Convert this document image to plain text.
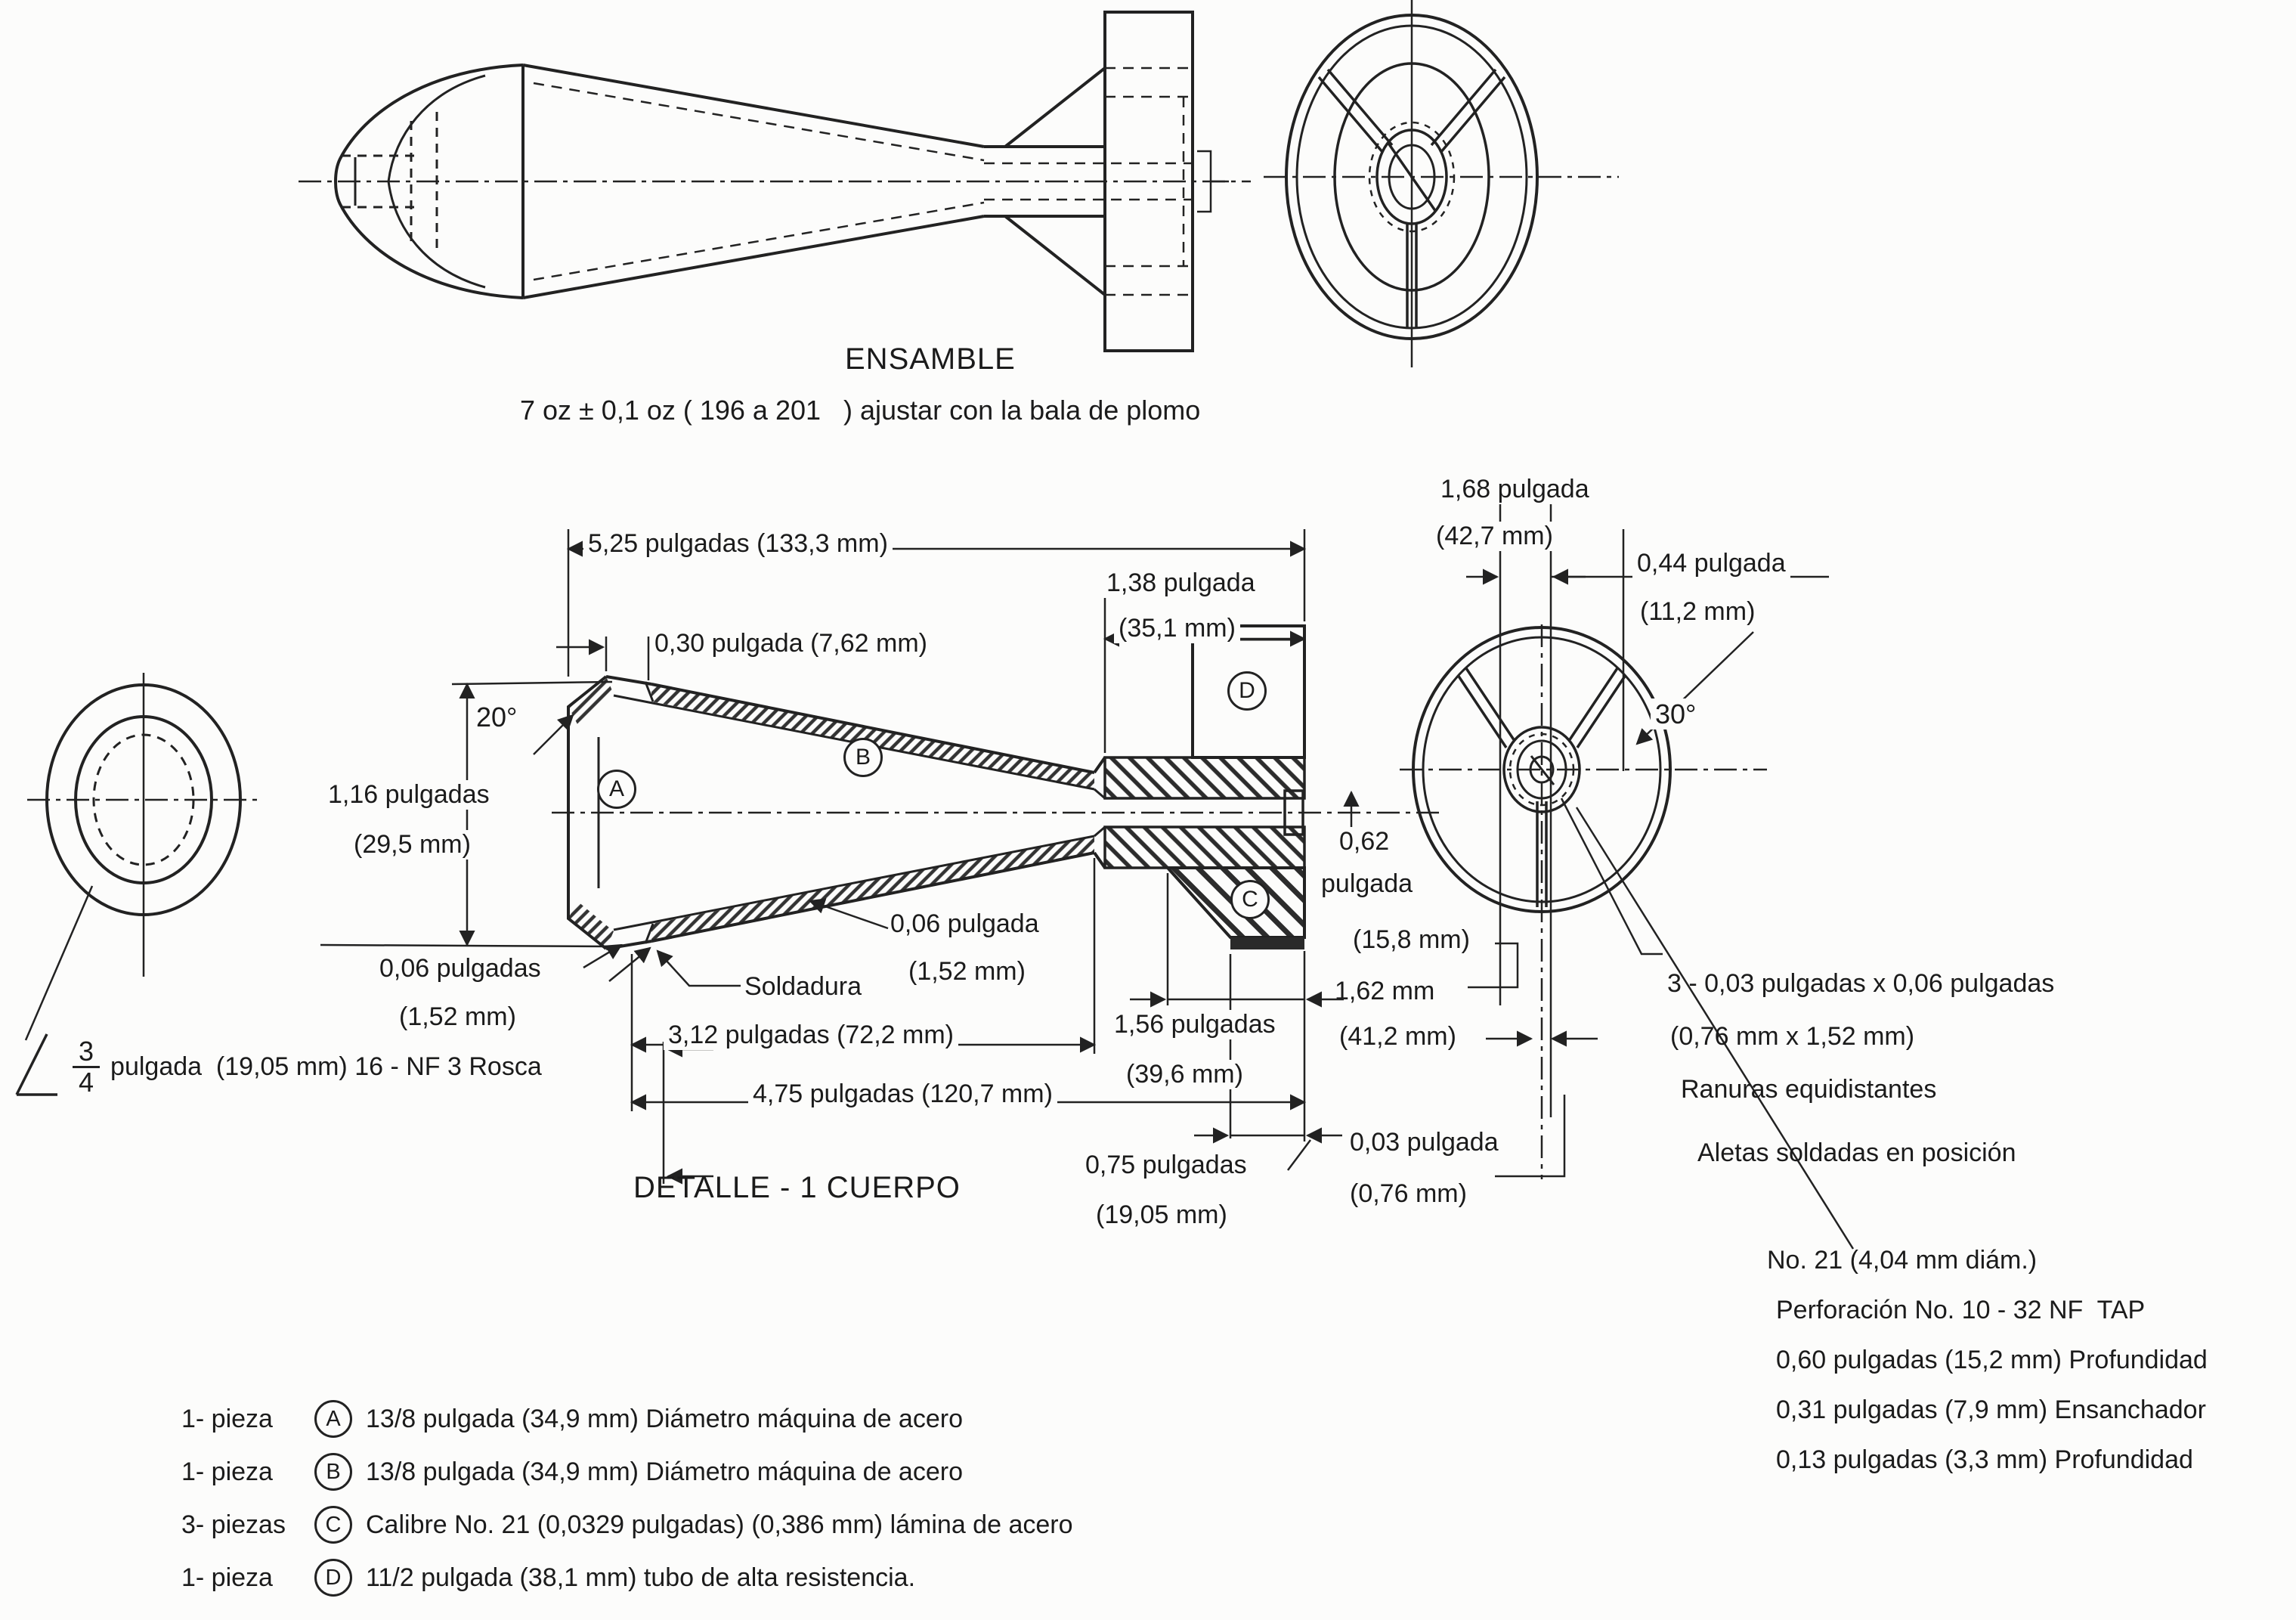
ENSAMBLE
7 oz ± 0,1 oz ( 196 a 201   ) ajustar con la bala de plomo
5,25 pulgadas (133,3 mm)
1,38 pulgada
(35,1 mm)
0,30 pulgada (7,62 mm)
20°
1,16 pulgadas
(29,5 mm)
0,06 pulgadas
(1,52 mm)
Soldadura
0,06 pulgada
(1,52 mm)
3,12 pulgadas (72,2 mm)
4,75 pulgadas (120,7 mm)
DETALLE - 1 CUERPO
1,56 pulgadas
(39,6 mm)
0,75 pulgadas
(19,05 mm)
0,62
pulgada
(15,8 mm)
1,62 mm
(41,2 mm)
1,68 pulgada
(42,7 mm)
0,44 pulgada
(11,2 mm)
30°
0,03 pulgada
(0,76 mm)
3 - 0,03 pulgadas x 0,06 pulgadas
(0,76 mm x 1,52 mm)
Ranuras equidistantes
Aletas soldadas en posición
No. 21 (4,04 mm diám.)
Perforación No. 10 - 32 NF  TAP
0,60 pulgadas (15,2 mm) Profundidad
0,31 pulgadas (7,9 mm) Ensanchador
0,13 pulgadas (3,3 mm) Profundidad
$\frac{3}{4}$ pulgada  (19,05 mm) 16 - NF 3 Rosca
A
B
C
D
1- pieza	A 13/8 pulgada (34,9 mm) Diámetro máquina de acero
1- pieza	B 13/8 pulgada (34,9 mm) Diámetro máquina de acero
3- piezas	C Calibre No. 21 (0,0329 pulgadas) (0,386 mm) lámina de acero
1- pieza	D 11/2 pulgada (38,1 mm) tubo de alta resistencia.
